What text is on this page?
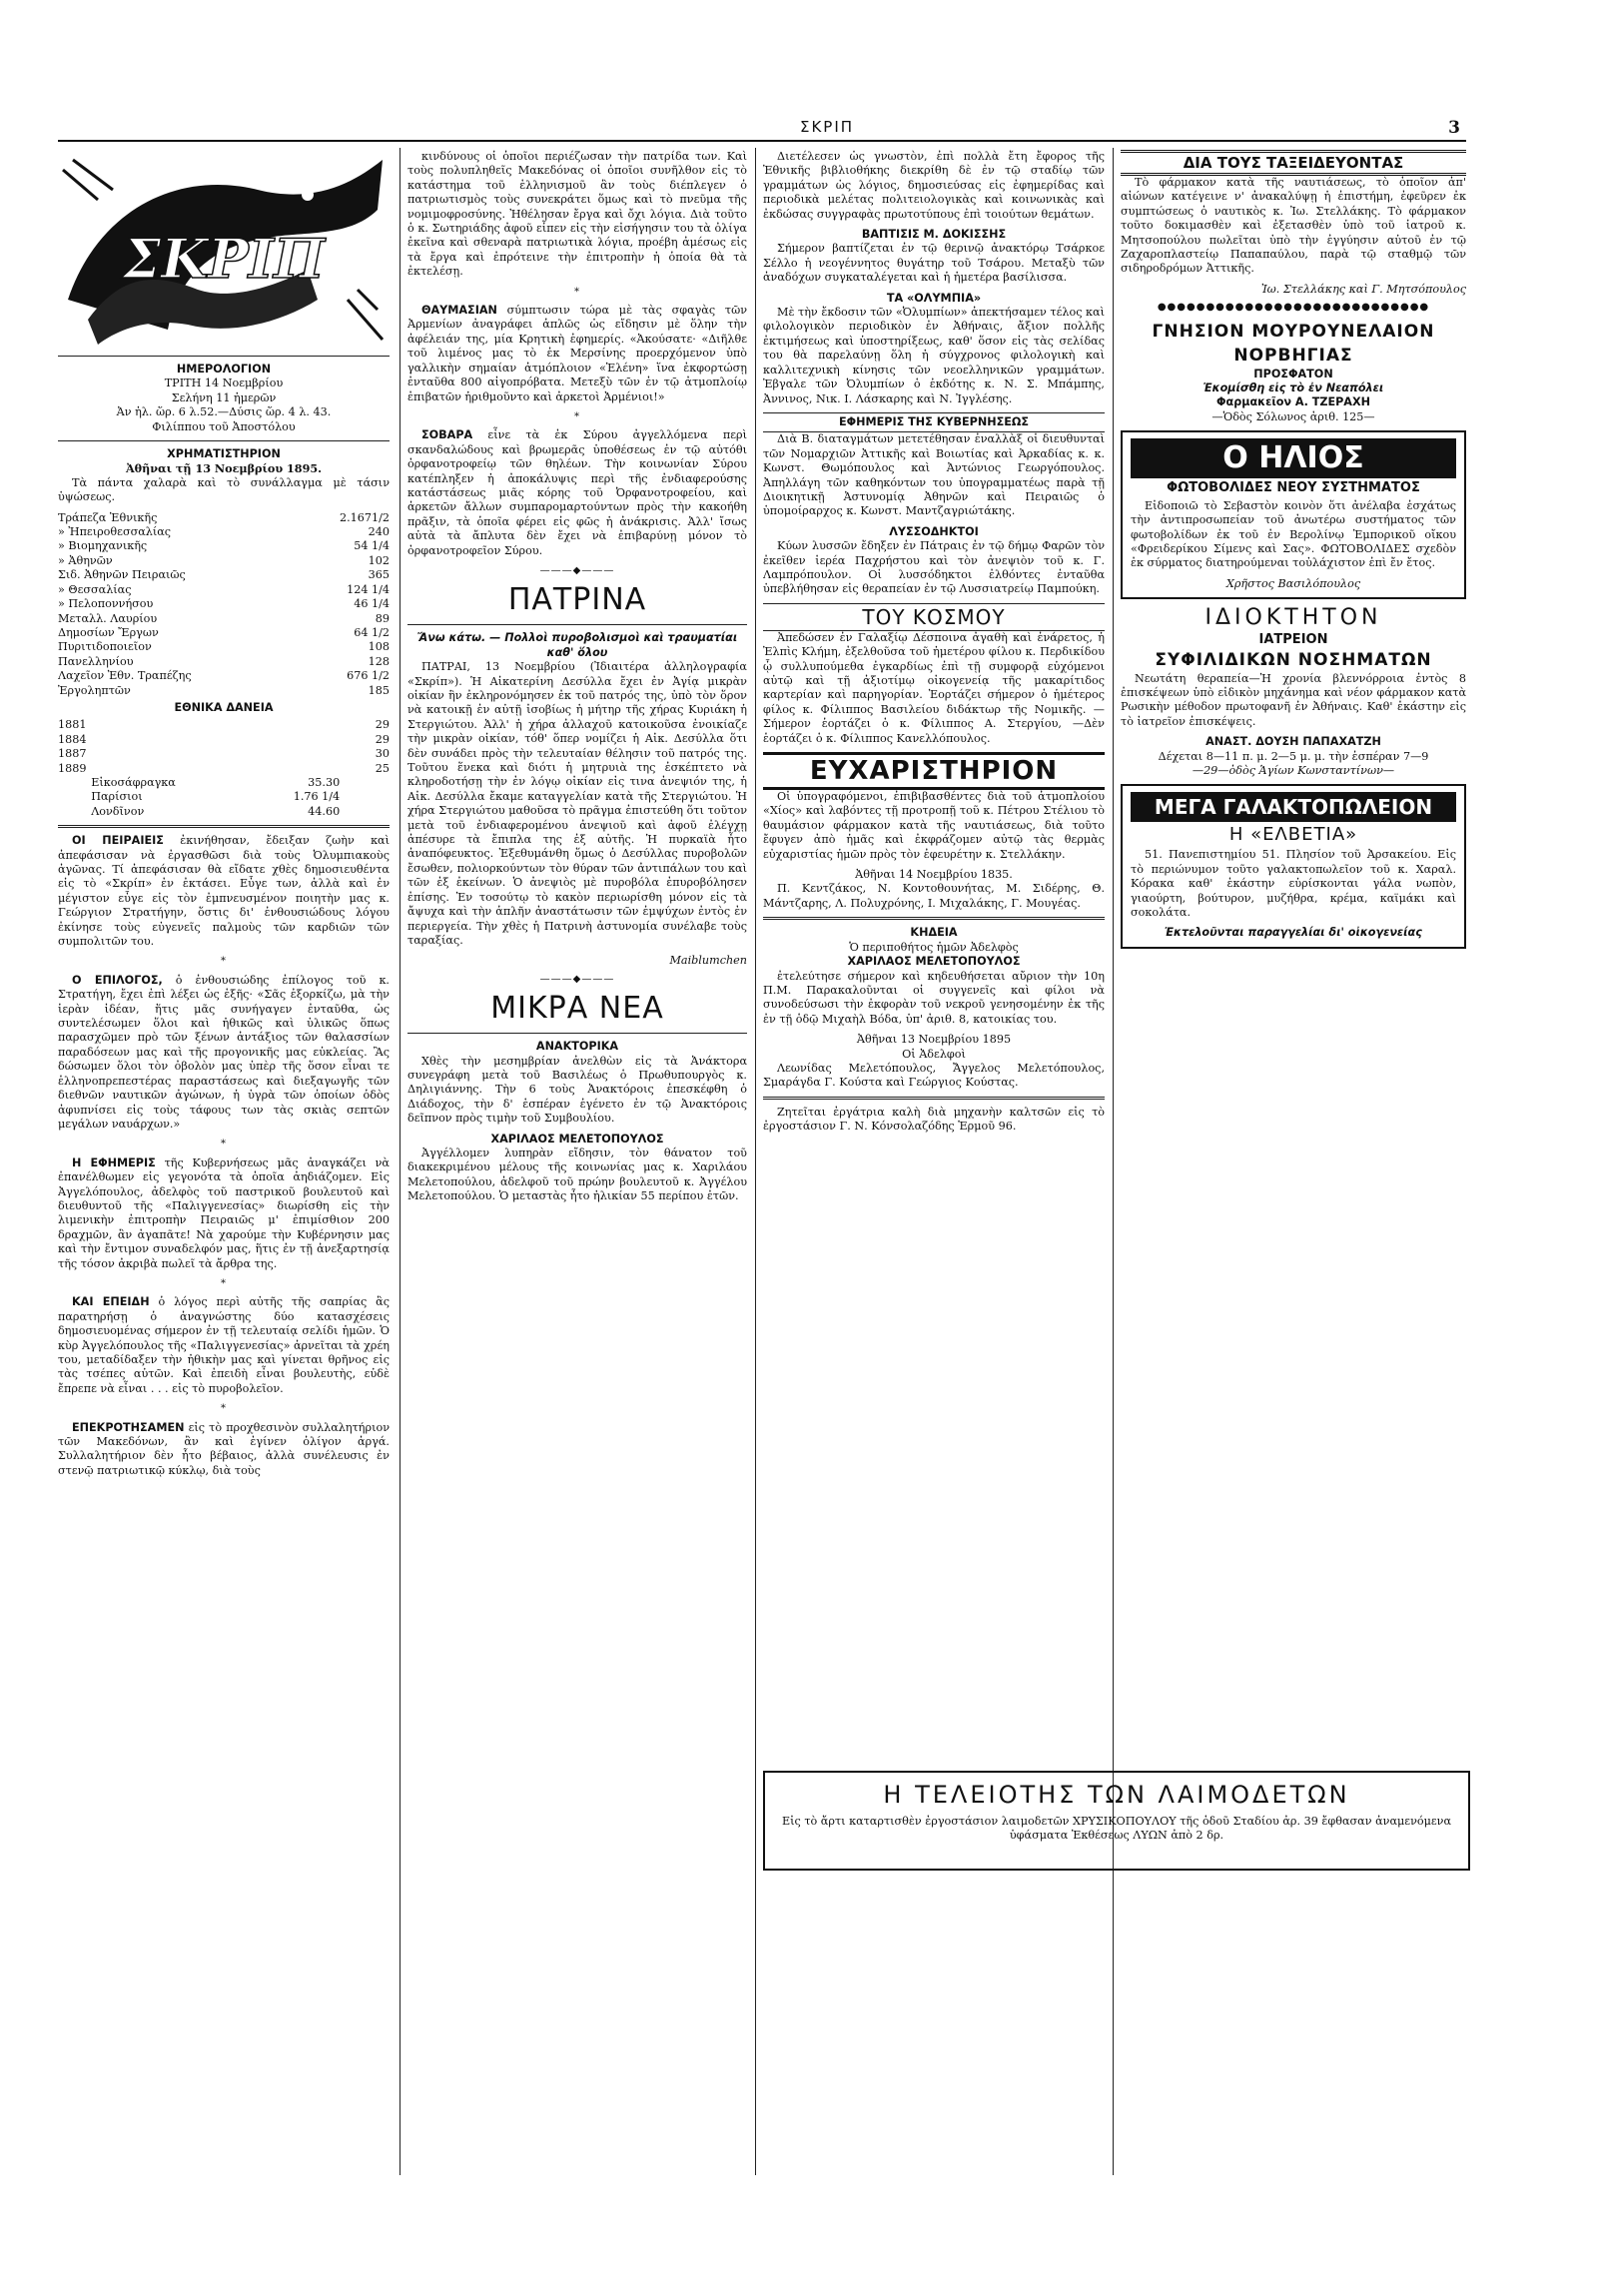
ΣΚΡΙΠ	3
ΣΚΡΙΠ
ΗΜΕΡΟΛΟΓΙΟΝ
ΤΡΙΤΗ 14 Νοεμβρίου
Σελήνη 11 ἡμερῶν
Ἀν ἡλ. ὥρ. 6 λ.52.—Δύσις ὥρ. 4 λ. 43.
Φιλίππου τοῦ Ἀποστόλου
ΧΡΗΜΑΤΙΣΤΗΡΙΟΝ
Ἀθῆναι τῇ 13 Νοεμβρίου 1895.

Τὰ πάντα χαλαρὰ καὶ τὸ συνάλλαγμα μὲ τάσιν ὑψώσεως.

Τράπεζα Ἐθνικῆς	2.1671/2
» Ἠπειροθεσσαλίας	240
» Βιομηχανικῆς	54 1/4
» Ἀθηνῶν	102
Σιδ. Ἀθηνῶν Πειραιῶς	365
» Θεσσαλίας	124 1/4
» Πελοποννήσου	46 1/4
Μεταλλ. Λαυρίου	89
Δημοσίων Ἔργων	64 1/2
Πυριτιδοποιεῖον	108
Πανελληνίου	128
Λαχεῖον Ἐθν. Τραπέζης	676 1/2
Ἐργοληπτῶν	185
ΕΘΝΙΚΑ ΔΑΝΕΙΑ
1881	29
1884	29
1887	30
1889	25
Εἰκοσάφραγκα	35.30
Παρίσιοι	1.76 1/4
Λονδῖνον	44.60

ΟΙ ΠΕΙΡΑΙΕΙΣ ἐκινήθησαν, ἔδειξαν ζωὴν καὶ ἀπεφάσισαν νὰ ἐργασθῶσι διὰ τοὺς Ὀλυμπιακοὺς ἀγῶνας. Τί ἀπεφάσισαν θὰ εἴδατε χθὲς δημοσιευθέντα εἰς τὸ «Σκρίπ» ἐν ἐκτάσει. Εὖγε των, ἀλλὰ καὶ ἐν μέγιστον εὖγε εἰς τὸν ἐμπνευσμένον ποιητὴν μας κ. Γεώργιον Στρατήγην, ὅστις δι' ἐνθουσιώδους λόγου ἐκίνησε τοὺς εὐγενεῖς παλμοὺς τῶν καρδιῶν τῶν συμπολιτῶν του.

*

Ο ΕΠΙΛΟΓΟΣ, ὁ ἐνθουσιώδης ἐπίλογος τοῦ κ. Στρατήγη, ἔχει ἐπὶ λέξει ὡς ἑξῆς· «Σᾶς ἐξορκίζω, μὰ τὴν ἱερὰν ἰδέαν, ἥτις μᾶς συνήγαγεν ἐνταῦθα, ὡς συντελέσωμεν ὅλοι καὶ ἠθικῶς καὶ ὑλικῶς ὅπως παρασχῶμεν πρὸ τῶν ξένων ἀντάξιος τῶν θαλασσίων παραδόσεων μας καὶ τῆς προγονικῆς μας εὐκλείας. Ἂς δώσωμεν ὅλοι τὸν ὀβολὸν μας ὑπὲρ τῆς ὅσον εἶναι τε ἑλληνοπρεπεστέρας παραστάσεως καὶ διεξαγωγῆς τῶν διεθνῶν ναυτικῶν ἀγώνων, ἡ ὑγρὰ τῶν ὁποίων ὁδὸς ἀφυπνίσει εἰς τοὺς τάφους των τὰς σκιὰς σεπτῶν μεγάλων ναυάρχων.»

*

Η ΕΦΗΜΕΡΙΣ τῆς Κυβερνήσεως μᾶς ἀναγκάζει νὰ ἐπανέλθωμεν εἰς γεγονότα τὰ ὁποῖα ἀηδιάζομεν. Εἰς Ἀγγελόπουλος, ἀδελφὸς τοῦ παστρικοῦ βουλευτοῦ καὶ διευθυντοῦ τῆς «Παλιγγενεσίας» διωρίσθη εἰς τὴν λιμενικὴν ἐπιτροπὴν Πειραιῶς μ' ἐπιμίσθιον 200 δραχμῶν, ἂν ἀγαπᾶτε! Νὰ χαρούμε τὴν Κυβέρνησιν μας καὶ τὴν ἔντιμον συναδελφόν μας, ἥτις ἐν τῇ ἀνεξαρτησίᾳ τῆς τόσον ἀκριβὰ πωλεῖ τὰ ἄρθρα της.

*

ΚΑΙ ΕΠΕΙΔΗ ὁ λόγος περὶ αὐτῆς τῆς σαπρίας ἂς παρατηρήσῃ ὁ ἀναγνώστης δύο κατασχέσεις δημοσιευομένας σήμερον ἐν τῇ τελευταίᾳ σελίδι ἡμῶν. Ὁ κὺρ Ἀγγελόπουλος τῆς «Παλιγγενεσίας» ἀρνεῖται τὰ χρέη του, μεταδίδαξεν τὴν ἠθικὴν μας καὶ γίνεται θρῆνος εἰς τὰς τσέπες αὐτῶν. Καὶ ἐπειδὴ εἶναι βουλευτὴς, εὐδὲ ἔπρεπε νὰ εἶναι . . . εἰς τὸ πυροβολεῖον.

*

ΕΠΕΚΡΟΤΗΣΑΜΕΝ εἰς τὸ προχθεσινὸν συλλαλητήριον τῶν Μακεδόνων, ἂν καὶ ἐγίνεν ὀλίγον ἀργά. Συλλαλητήριον δὲν ἦτο βέβαιος, ἀλλὰ συνέλευσις ἐν στενῷ πατριωτικῷ κύκλῳ, διὰ τοὺς

κινδύνους οἱ ὁποῖοι περιέζωσαν τὴν πατρίδα των. Καὶ τοὺς πολυπληθεῖς Μακεδόνας οἱ ὁποῖοι συνῆλθον εἰς τὸ κατάστημα τοῦ ἑλληνισμοῦ ἂν τοὺς διέπλεγεν ὁ πατριωτισμὸς τοὺς συνεκράτει ὅμως καὶ τὸ πνεῦμα τῆς νομιμοφροσύνης. Ἠθέλησαν ἔργα καὶ ὄχι λόγια. Διὰ τοῦτο ὁ κ. Σωτηριάδης ἀφοῦ εἶπεν εἰς τὴν εἰσήγησιν του τὰ ὀλίγα ἐκεῖνα καὶ σθεναρὰ πατριωτικὰ λόγια, προέβη ἀμέσως εἰς τὰ ἔργα καὶ ἐπρότεινε τὴν ἐπιτροπὴν ἡ ὁποία θὰ τὰ ἐκτελέσῃ.

*

ΘΑΥΜΑΣΙΑΝ σύμπτωσιν τώρα μὲ τὰς σφαγὰς τῶν Ἀρμενίων ἀναγράφει ἁπλῶς ὡς εἴδησιν μὲ ὅλην τὴν ἀφέλειάν της, μία Κρητικὴ ἐφημερίς. «Ἀκούσατε· «Διῆλθε τοῦ λιμένος μας τὸ ἐκ Μερσίνης προερχόμενον ὑπὸ γαλλικὴν σημαίαν ἀτμόπλοιον «Ἑλένη» ἵνα ἐκφορτώσῃ ἐνταῦθα 800 αἰγοπρόβατα. Μετεξὺ τῶν ἐν τῷ ἀτμοπλοίῳ ἐπιβατῶν ἠριθμοῦντο καὶ ἀρκετοὶ Ἀρμένιοι!»

*

ΣΟΒΑΡΑ εἶνε τὰ ἐκ Σύρου ἀγγελλόμενα περὶ σκανδαλώδους καὶ βρωμερᾶς ὑποθέσεως ἐν τῷ αὐτόθι ὀρφανοτροφείῳ τῶν θηλέων. Τὴν κοινωνίαν Σύρου κατέπληξεν ἡ ἀποκάλυψις περὶ τῆς ἐνδιαφερούσης κατάστάσεως μιᾶς κόρης τοῦ Ὀρφανοτροφείου, καὶ ἀρκετῶν ἄλλων συμπαρομαρτούντων πρὸς τὴν κακοήθη πρᾶξιν, τὰ ὁποῖα φέρει εἰς φῶς ἡ ἀνάκρισις. Ἀλλ' ἴσως αὐτὰ τὰ ἄπλυτα δὲν ἔχει νὰ ἐπιβαρύνῃ μόνον τὸ ὀρφανοτροφεῖον Σύρου.

———◆———
ΠΑΤΡΙΝΑ
Ἄνω κάτω. — Πολλοὶ πυροβολισμοὶ καὶ τραυματίαι καθ' ὅλου

ΠΑΤΡΑΙ, 13 Νοεμβρίου (Ἰδιαιτέρα ἀλληλογραφία «Σκρίπ»). Ἡ Αἰκατερίνη Δεσύλλα ἔχει ἐν Ἀγίᾳ μικρὰν οἰκίαν ἣν ἐκληρονόμησεν ἐκ τοῦ πατρός της, ὑπὸ τὸν ὅρον νὰ κατοικῇ ἐν αὐτῇ ἰσοβίως ἡ μήτηρ τῆς χήρας Κυριάκη ἡ Στεργιώτου. Ἀλλ' ἡ χήρα ἀλλαχοῦ κατοικοῦσα ἐνοικίαζε τὴν μικρὰν οἰκίαν, τόθ' ὅπερ νομίζει ἡ Αἰκ. Δεσύλλα ὅτι δὲν συνάδει πρὸς τὴν τελευταίαν θέλησιν τοῦ πατρός της. Τοῦτου ἕνεκα καὶ διότι ἡ μητρυιὰ της ἐσκέπτετο νὰ κληροδοτήσῃ τὴν ἐν λόγῳ οἰκίαν εἰς τινα ἀνεψιόν της, ἡ Αἰκ. Δεσύλλα ἔκαμε καταγγελίαν κατὰ τῆς Στεργιώτου. Ἡ χήρα Στεργιώτου μαθοῦσα τὸ πρᾶγμα ἐπιστεύθη ὅτι τοῦτον μετὰ τοῦ ἐνδιαφερομένου ἀνεψιοῦ καὶ ἀφοῦ ἐλέγχῃ ἀπέσυρε τὰ ἔπιπλα της ἐξ αὐτῆς. Ἡ πυρκαϊὰ ἦτο ἀναπόφευκτος. Ἐξεθυμάνθη ὅμως ὁ Δεσύλλας πυροβολῶν ἔσωθεν, πολιορκούντων τὸν θύραν τῶν ἀντιπάλων του καὶ τῶν ἐξ ἐκείνων. Ὁ ἀνεψιὸς μὲ πυροβόλα ἐπυροβόλησεν ἐπίσης. Ἐν τοσούτῳ τὸ κακὸν περιωρίσθη μόνον εἰς τὰ ἄψυχα καὶ τὴν ἁπλῆν ἀναστάτωσιν τῶν ἐμψύχων ἐντὸς ἐν περιεργεία. Τὴν χθὲς ἡ Πατρινὴ ἀστυνομία συνέλαβε τοὺς ταραξίας.

Maiblumchen
———◆———
ΜΙΚΡΑ ΝΕΑ
ΑΝΑΚΤΟΡΙΚΑ

Χθὲς τὴν μεσημβρίαν ἀνελθὼν εἰς τὰ Ἀνάκτορα συνεγράφη μετὰ τοῦ Βασιλέως ὁ Πρωθυπουργὸς κ. Δηλιγιάννης. Τὴν 6 τοὺς Ἀνακτόροις ἐπεσκέφθη ὁ Διάδοχος, τὴν δ' ἑσπέραν ἐγένετο ἐν τῷ Ἀνακτόροις δεῖπνον πρὸς τιμὴν τοῦ Συμβουλίου.

ΧΑΡΙΛΑΟΣ ΜΕΛΕΤΟΠΟΥΛΟΣ

Ἀγγέλλομεν λυπηρὰν εἴδησιν, τὸν θάνατον τοῦ διακεκριμένου μέλους τῆς κοινωνίας μας κ. Χαριλάου Μελετοπούλου, ἀδελφοῦ τοῦ πρώην βουλευτοῦ κ. Ἀγγέλου Μελετοπούλου. Ὁ μεταστὰς ἦτο ἡλικίαν 55 περίπου ἐτῶν.

Διετέλεσεν ὡς γνωστὸν, ἐπὶ πολλὰ ἔτη ἔφορος τῆς Ἐθνικῆς βιβλιοθήκης διεκρίθη δὲ ἐν τῷ σταδίῳ τῶν γραμμάτων ὡς λόγιος, δημοσιεύσας εἰς ἐφημερίδας καὶ περιοδικὰ μελέτας πολιτειολογικὰς καὶ κοινωνικὰς καὶ ἐκδώσας συγγραφὰς πρωτοτύπους ἐπὶ τοιούτων θεμάτων.

ΒΑΠΤΙΣΙΣ Μ. ΔΟΚΙΣΣΗΣ

Σήμερον βαπτίζεται ἐν τῷ θερινῷ ἀνακτόρῳ Τσάρκοε Σέλλο ἡ νεογέννητος θυγάτηρ τοῦ Τσάρου. Μεταξὺ τῶν ἀναδόχων συγκαταλέγεται καὶ ἡ ἡμετέρα βασίλισσα.

ΤΑ «ΟΛΥΜΠΙΑ»

Μὲ τὴν ἔκδοσιν τῶν «Ὀλυμπίων» ἀπεκτήσαμεν τέλος καὶ φιλολογικὸν περιοδικὸν ἐν Ἀθήναις, ἄξιον πολλῆς ἐκτιμήσεως καὶ ὑποστηρίξεως, καθ' ὅσον εἰς τὰς σελίδας του θὰ παρελαύνῃ ὅλη ἡ σύγχρονος φιλολογικὴ καὶ καλλιτεχνικὴ κίνησις τῶν νεοελληνικῶν γραμμάτων. Ἐβγαλε τῶν Ὀλυμπίων ὁ ἐκδότης κ. Ν. Σ. Μπάμπης, Ἀννινος, Νικ. Ι. Λάσκαρης καὶ Ν. Ἰγγλέσης.

ΕΦΗΜΕΡΙΣ ΤΗΣ ΚΥΒΕΡΝΗΣΕΩΣ

Διὰ Β. διαταγμάτων μετετέθησαν ἐναλλὰξ οἱ διευθυνταὶ τῶν Νομαρχιῶν Ἀττικῆς καὶ Βοιωτίας καὶ Ἀρκαδίας κ. κ. Κωνστ. Θωμόπουλος καὶ Ἀντώνιος Γεωργόπουλος. Ἀπηλλάγη τῶν καθηκόντων του ὑπογραμματέως παρὰ τῇ Διοικητικῇ Ἀστυνομίᾳ Ἀθηνῶν καὶ Πειραιῶς ὁ ὑπομοίραρχος κ. Κωνστ. Μαντζαγριώτάκης.

ΛΥΣΣΟΔΗΚΤΟΙ

Κύων λυσσῶν ἔδηξεν ἐν Πάτραις ἐν τῷ δήμῳ Φαρῶν τὸν ἐκεῖθεν ἱερέα Παχρήστου καὶ τὸν ἀνεψιὸν τοῦ κ. Γ. Λαμπρόπουλον. Οἱ λυσσόδηκτοι ἐλθόντες ἐνταῦθα ὑπεβλήθησαν εἰς θεραπείαν ἐν τῷ Λυσσιατρείῳ Παμπούκη.

ΤΟΥ ΚΟΣΜΟΥ

Ἀπεδώσεν ἐν Γαλαξίῳ Δέσποινα ἀγαθὴ καὶ ἐνάρετος, ἡ Ἐλπὶς Κλήμη, ἐξελθοῦσα τοῦ ἡμετέρου φίλου κ. Περδικίδου ᾧ συλλυπούμεθα ἐγκαρδίως ἐπὶ τῇ συμφορᾷ εὐχόμενοι αὐτῷ καὶ τῇ ἀξιοτίμῳ οἰκογενείᾳ τῆς μακαρίτιδος καρτερίαν καὶ παρηγορίαν. Ἑορτάζει σήμερον ὁ ἡμέτερος φίλος κ. Φίλιππος Βασιλείου διδάκτωρ τῆς Νομικῆς. —Σήμερον ἑορτάζει ὁ κ. Φίλιππος Α. Στεργίου, —Δὲν ἑορτάζει ὁ κ. Φίλιππος Κανελλόπουλος.

ΕΥΧΑΡΙΣΤΗΡΙΟΝ

Οἱ ὑπογραφόμενοι, ἐπιβιβασθέντες διὰ τοῦ ἀτμοπλοίου «Χίος» καὶ λαβόντες τῇ προτροπῇ τοῦ κ. Πέτρου Στέλιου τὸ θαυμάσιον φάρμακον κατὰ τῆς ναυτιάσεως, διὰ τοῦτο ἔφυγεν ἀπὸ ἡμᾶς καὶ ἐκφράζομεν αὐτῷ τὰς θερμὰς εὐχαριστίας ἡμῶν πρὸς τὸν ἐφευρέτην κ. Στελλάκην.

Ἀθῆναι 14 Νοεμβρίου 1835.

Π. Κεντζάκος, Ν. Κοντοθουνήτας, Μ. Σιδέρης, Θ. Μάντζαρης, Λ. Πολυχρόνης, Ι. Μιχαλάκης, Γ. Μουγέας.

ΚΗΔΕΙΑ
Ὁ περιποθήτος ἡμῶν Ἀδελφὸς
ΧΑΡΙΛΑΟΣ ΜΕΛΕΤΟΠΟΥΛΟΣ

ἐτελεύτησε σήμερον καὶ κηδευθήσεται αὔριον τὴν 10η Π.Μ. Παρακαλοῦνται οἱ συγγενεῖς καὶ φίλοι νὰ συνοδεύσωσι τὴν ἐκφορὰν τοῦ νεκροῦ γενησομένην ἐκ τῆς ἐν τῇ ὁδῷ Μιχαὴλ Βόδα, ὑπ' ἀριθ. 8, κατοικίας του.

Ἀθῆναι 13 Νοεμβρίου 1895
Οἱ Ἀδελφοὶ

Λεωνίδας Μελετόπουλος, Ἄγγελος Μελετόπουλος, Σμαράγδα Γ. Κούστα καὶ Γεώργιος Κούστας.

Ζητεῖται ἐργάτρια καλὴ διὰ μηχανὴν καλτσῶν εἰς τὸ ἐργοστάσιον Γ. Ν. Κόνσολαζόδης Ἑρμοῦ 96.

ΔΙΑ ΤΟΥΣ ΤΑΞΕΙΔΕΥΟΝΤΑΣ

Τὸ φάρμακον κατὰ τῆς ναυτιάσεως, τὸ ὁποῖον ἀπ' αἰώνων κατέγεινε ν' ἀνακαλύψῃ ἡ ἐπιστήμη, ἐφεῦρεν ἐκ συμπτώσεως ὁ ναυτικὸς κ. Ἰω. Στελλάκης. Τὸ φάρμακον τοῦτο δοκιμασθὲν καὶ ἐξετασθὲν ὑπὸ τοῦ ἰατροῦ κ. Μητσοπούλου πωλεῖται ὑπὸ τὴν ἐγγύησιν αὐτοῦ ἐν τῷ Ζαχαροπλαστείῳ Παπαπαύλου, παρὰ τῷ σταθμῷ τῶν σιδηροδρόμων Ἀττικῆς.

Ἰω. Στελλάκης καὶ Γ. Μητσόπουλος
●●●●●●●●●●●●●●●●●●●●●●●●●●●●
ΓΝΗΣΙΟΝ ΜΟΥΡΟΥΝΕΛΑΙΟΝ ΝΟΡΒΗΓΙΑΣ
ΠΡΟΣΦΑΤΟΝ
Ἐκομίσθη εἰς τὸ ἐν Νεαπόλει
Φαρμακεῖον Α. ΤΖΕΡΑΧΗ
—Ὁδὸς Σόλωνος ἀριθ. 125—
Ο ΗΛΙΟΣ
ΦΩΤΟΒΟΛΙΔΕΣ ΝΕΟΥ ΣΥΣΤΗΜΑΤΟΣ

Εἰδοποιῶ τὸ Σεβαστὸν κοινὸν ὅτι ἀνέλαβα ἐσχάτως τὴν ἀντιπροσωπείαν τοῦ ἀνωτέρω συστήματος τῶν φωτοβολίδων ἐκ τοῦ ἐν Βερολίνῳ Ἐμπορικοῦ οἴκου «Φρειδερίκου Σίμενς καὶ Σας». ΦΩΤΟΒΟΛΙΔΕΣ σχεδὸν ἐκ σύρματος διατηρούμεναι τοὐλάχιστον ἐπὶ ἔν ἔτος.

Χρῆστος Βασιλόπουλος
ΙΔΙΟΚΤΗΤΟΝ
ΙΑΤΡΕΙΟΝ
ΣΥΦΙΛΙΔΙΚΩΝ ΝΟΣΗΜΑΤΩΝ

Νεωτάτη θεραπεία—Ἡ χρονία βλεννόρροια ἐντὸς 8 ἐπισκέψεων ὑπὸ εἰδικὸν μηχάνημα καὶ νέον φάρμακον κατὰ Ρωσικὴν μέθοδον πρωτοφανῆ ἐν Ἀθήναις. Καθ' ἑκάστην εἰς τὸ ἰατρεῖον ἐπισκέψεις.

ΑΝΑΣΤ. ΔΟΥΣΗ ΠΑΠΑΧΑΤΖΗ
Δέχεται 8—11 π. μ. 2—5 μ. μ. τὴν ἑσπέραν 7—9
—29—ὁδὸς Ἁγίων Κωνσταντίνων—
ΜΕΓΑ ΓΑΛΑΚΤΟΠΩΛΕΙΟΝ
Η «ΕΛΒΕΤΙΑ»

51. Πανεπιστημίου 51. Πλησίον τοῦ Ἀρσακείου. Εἰς τὸ περιώνυμον τοῦτο γαλακτοπωλεῖον τοῦ κ. Χαραλ. Κόρακα καθ' ἑκάστην εὑρίσκονται γάλα νωπὸν, γιαούρτη, βούτυρον, μυζήθρα, κρέμα, καϊμάκι καὶ σοκολάτα.

Ἐκτελοῦνται παραγγελίαι δι' οἰκογενείας
Η ΤΕΛΕΙΟΤΗΣ ΤΩΝ ΛΑΙΜΟΔΕΤΩΝ
Εἰς τὸ ἄρτι καταρτισθὲν ἐργοστάσιον λαιμοδετῶν ΧΡΥΣΙΚΟΠΟΥΛΟΥ τῆς ὁδοῦ Σταδίου ἀρ. 39 ἔφθασαν ἀναμενόμενα ὑφάσματα Ἐκθέσεως ΛΥΩΝ ἀπὸ 2 δρ.
